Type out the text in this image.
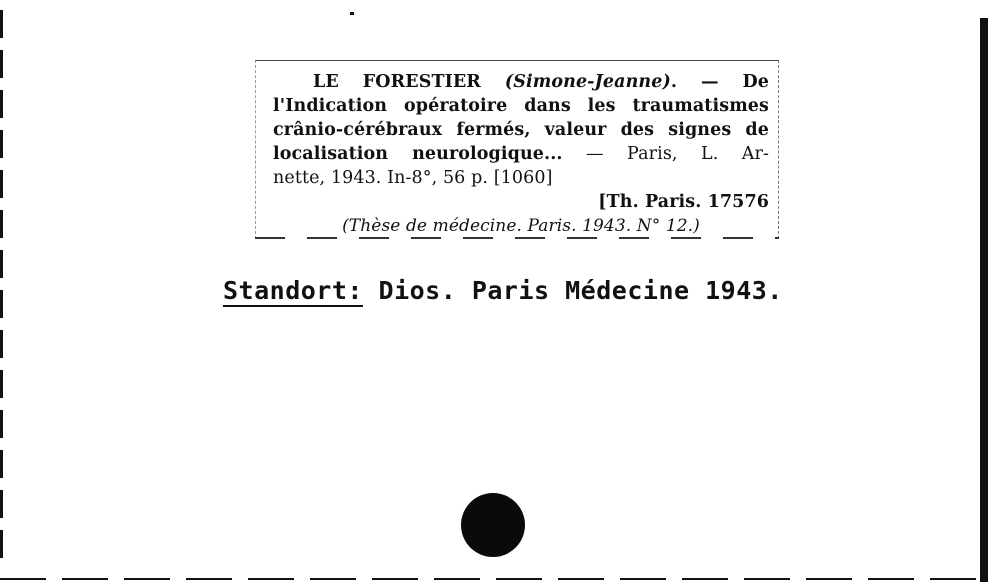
LE FORESTIER (Simone-Jeanne). — De
l'Indication opératoire dans les traumatismes
crânio-cérébraux fermés, valeur des signes de
localisation neurologique... — Paris, L. Ar-
nette, 1943. In-8°, 56 p. [1060]
[Th. Paris. 17576
(Thèse de médecine. Paris. 1943. N° 12.)
Standort: Dios. Paris Médecine 1943.
